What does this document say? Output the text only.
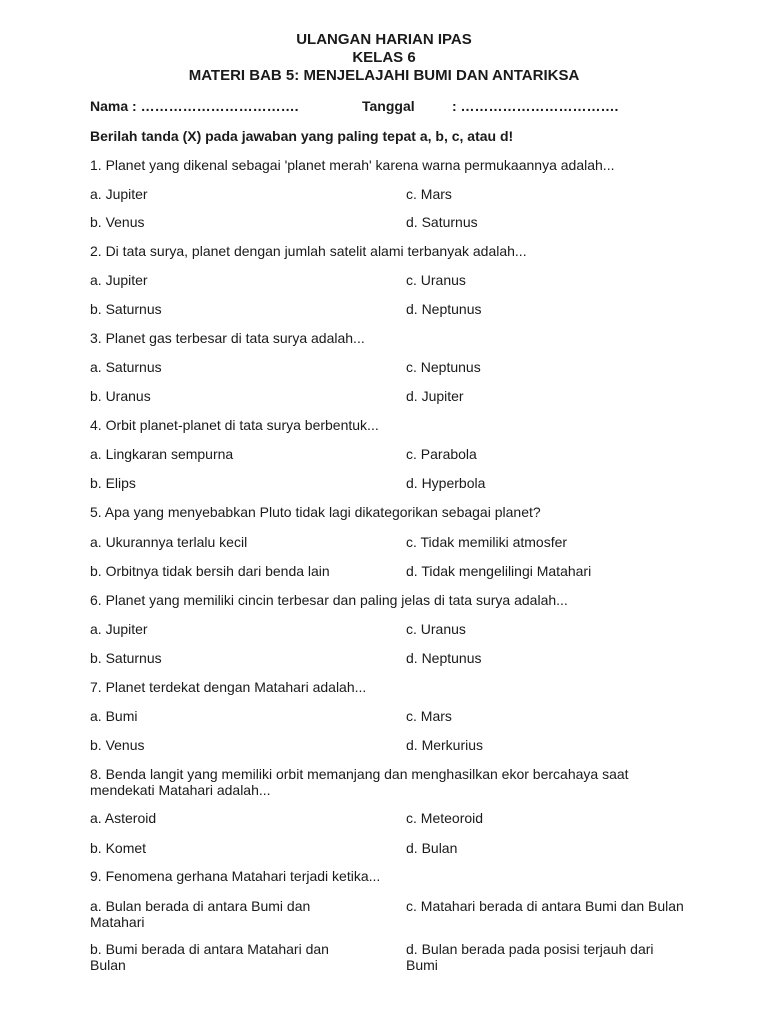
ULANGAN HARIAN IPAS
KELAS 6
MATERI BAB 5: MENJELAJAHI BUMI DAN ANTARIKSA
Nama : …………………………….	Tanggal	: …………………………….
Berilah tanda (X) pada jawaban yang paling tepat a, b, c, atau d!
1. Planet yang dikenal sebagai 'planet merah' karena warna permukaannya adalah...
a. Jupiter	c. Mars
b. Venus	d. Saturnus
2. Di tata surya, planet dengan jumlah satelit alami terbanyak adalah...
a. Jupiter	c. Uranus
b. Saturnus	d. Neptunus
3. Planet gas terbesar di tata surya adalah...
a. Saturnus	c. Neptunus
b. Uranus	d. Jupiter
4. Orbit planet-planet di tata surya berbentuk...
a. Lingkaran sempurna	c. Parabola
b. Elips	d. Hyperbola
5. Apa yang menyebabkan Pluto tidak lagi dikategorikan sebagai planet?
a. Ukurannya terlalu kecil	c. Tidak memiliki atmosfer
b. Orbitnya tidak bersih dari benda lain	d. Tidak mengelilingi Matahari
6. Planet yang memiliki cincin terbesar dan paling jelas di tata surya adalah...
a. Jupiter	c. Uranus
b. Saturnus	d. Neptunus
7. Planet terdekat dengan Matahari adalah...
a. Bumi	c. Mars
b. Venus	d. Merkurius
8. Benda langit yang memiliki orbit memanjang dan menghasilkan ekor bercahaya saat mendekati Matahari adalah...
a. Asteroid	c. Meteoroid
b. Komet	d. Bulan
9. Fenomena gerhana Matahari terjadi ketika...
a. Bulan berada di antara Bumi dan Matahari
c. Matahari berada di antara Bumi dan Bulan
b. Bumi berada di antara Matahari dan Bulan
d. Bulan berada pada posisi terjauh dari Bumi
